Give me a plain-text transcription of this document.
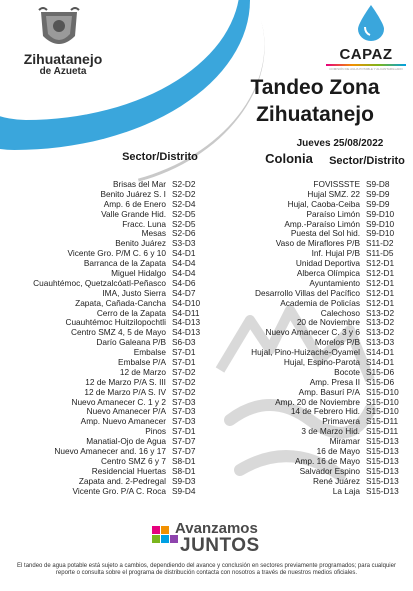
Zihuatanejo
de Azueta
CAPAZ
COMISIÓN DE AGUA POTABLE Y ALCANTARILLADO
Tandeo Zona
Zihuatanejo
Jueves 25/08/2022
Sector/Distrito	Colonia	Sector/Distrito
Brisas del Mar
Benito Juárez S. I
Amp. 6 de Enero
Valle Grande Hid.
Fracc. Luna
Mesas
Benito Juárez
Vicente Gro. P/M C. 6 y 10
Barranca de la Zapata
Miguel Hidalgo
Cuauhtémoc, Quetzalcóatl-Peñasco
IMA, Justo Sierra
Zapata, Cañada-Cancha
Cerro de la Zapata
Cuauhtémoc Huitzilopochtli
Centro SMZ 4, 5 de Mayo
Darío Galeana P/B
Embalse
Embalse P/A
12 de Marzo
12 de Marzo P/A S. III
12 de Marzo P/A S. IV
Nuevo Amanecer C. 1 y 2
Nuevo Amanecer P/A
Amp. Nuevo Amanecer
Pinos
Manatial-Ojo de Agua
Nuevo Amanecer and. 16 y 17
Centro SMZ 6 y 7
Residencial Huertas
Zapata and. 2-Pedregal
Vicente Gro. P/A C. Roca
S2-D2
S2-D2
S2-D4
S2-D5
S2-D5
S2-D6
S3-D3
S4-D1
S4-D4
S4-D4
S4-D6
S4-D7
S4-D10
S4-D11
S4-D13
S4-D13
S6-D3
S7-D1
S7-D1
S7-D2
S7-D2
S7-D2
S7-D3
S7-D3
S7-D3
S7-D1
S7-D7
S7-D7
S8-D1
S8-D1
S9-D3
S9-D4
FOVISSSTE
Hujal SMZ. 22
Hujal, Caoba-Ceiba
Paraíso Limón
Amp.-Paraíso Limón
Puesta del Sol hid.
Vaso de Miraflores P/B
Inf. Hujal P/B
Unidad Deportiva
Alberca Olímpica
Ayuntamiento
Desarrollo Villas del Pacífico
Academia de Policías
Calechoso
20 de Noviembre
Nuevo Amanecer C. 3 y 6
Morelos P/B
Hujal, Pino-Huizache-Oyamel
Hujal, Espino-Parota
Bocote
Amp. Presa II
Amp. Basurí P/A
Amp. 20 de Noviembre
14 de Febrero Hid.
Primavera
3 de Marzo Hid.
Miramar
16 de Mayo
Amp. 16 de Mayo
Salvador Espino
René Juárez
La Laja
S9-D8
S9-D9
S9-D9
S9-D10
S9-D10
S9-D10
S11-D2
S11-D5
S12-D1
S12-D1
S12-D1
S12-D1
S12-D1
S13-D2
S13-D2
S13-D2
S13-D3
S14-D1
S14-D1
S15-D6
S15-D6
S15-D10
S15-D10
S15-D10
S15-D11
S15-D11
S15-D13
S15-D13
S15-D13
S15-D13
S15-D13
S15-D13
Avanzamos
JUNTOS
El tandeo de agua potable está sujeto a cambios, dependiendo del avance y conclusión en sectores previamente programados; para cualquier reporte o consulta sobre el programa de distribución contacta con nosotros a través de nuestros medios oficiales.
